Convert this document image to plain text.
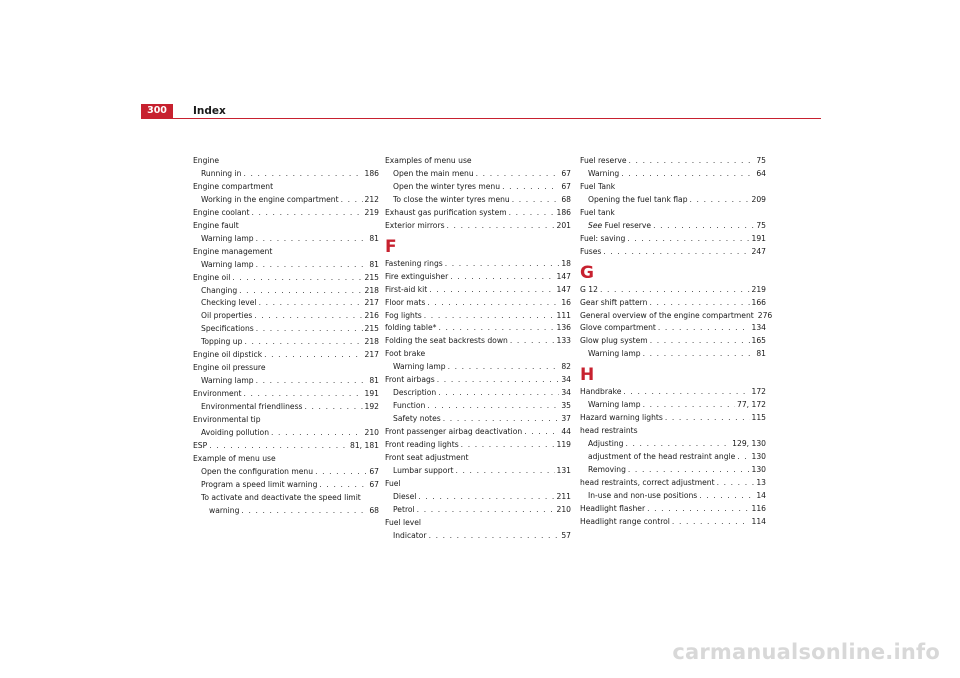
300	Index
Engine
Running in . . .	186
Engine compartment
Working in the engine compartment . . .	212
Engine coolant . . .	219
Engine fault
Warning lamp . . .	81
Engine management
Warning lamp . . .	81
Engine oil . . .	215
Changing . . .	218
Checking level . . .	217
Oil properties . . .	216
Specifications . . .	215
Topping up . . .	218
Engine oil dipstick . . .	217
Engine oil pressure
Warning lamp . . .	81
Environment . . .	191
Environmental friendliness . . .	192
Environmental tip
Avoiding pollution . . .	210
ESP . . .	81, 181
Example of menu use
Open the configuration menu . . .	67
Program a speed limit warning . . .	67
To activate and deactivate the speed limit
warning . . .	68
Examples of menu use
Open the main menu . . .	67
Open the winter tyres menu . . .	67
To close the winter tyres menu . . .	68
Exhaust gas purification system . . .	186
Exterior mirrors . . .	201
F
Fastening rings . . .	18
Fire extinguisher . . .	147
First-aid kit . . .	147
Floor mats . . .	16
Fog lights . . .	111
folding table* . . .	136
Folding the seat backrests down . . .	133
Foot brake
Warning lamp . . .	82
Front airbags . . .	34
Description . . .	34
Function . . .	35
Safety notes . . .	37
Front passenger airbag deactivation . . .	44
Front reading lights . . .	119
Front seat adjustment
Lumbar support . . .	131
Fuel
Diesel . . .	211
Petrol . . .	210
Fuel level
Indicator . . .	57
Fuel reserve . . .	75
Warning . . .	64
Fuel Tank
Opening the fuel tank flap . . .	209
Fuel tank
See Fuel reserve . . .	75
Fuel: saving . . .	191
Fuses . . .	247
G
G 12 . . .	219
Gear shift pattern . . .	166
General overview of the engine compartment 276
Glove compartment . . .	134
Glow plug system . . .	165
Warning lamp . . .	81
H
Handbrake . . .	172
Warning lamp . . .	77, 172
Hazard warning lights . . .	115
head restraints
Adjusting . . .	129, 130
adjustment of the head restraint angle . . . 130
Removing . . .	130
head restraints, correct adjustment . . .	13
In-use and non-use positions . . .	14
Headlight flasher . . .	116
Headlight range control . . .	114
carmanualsonline.info
